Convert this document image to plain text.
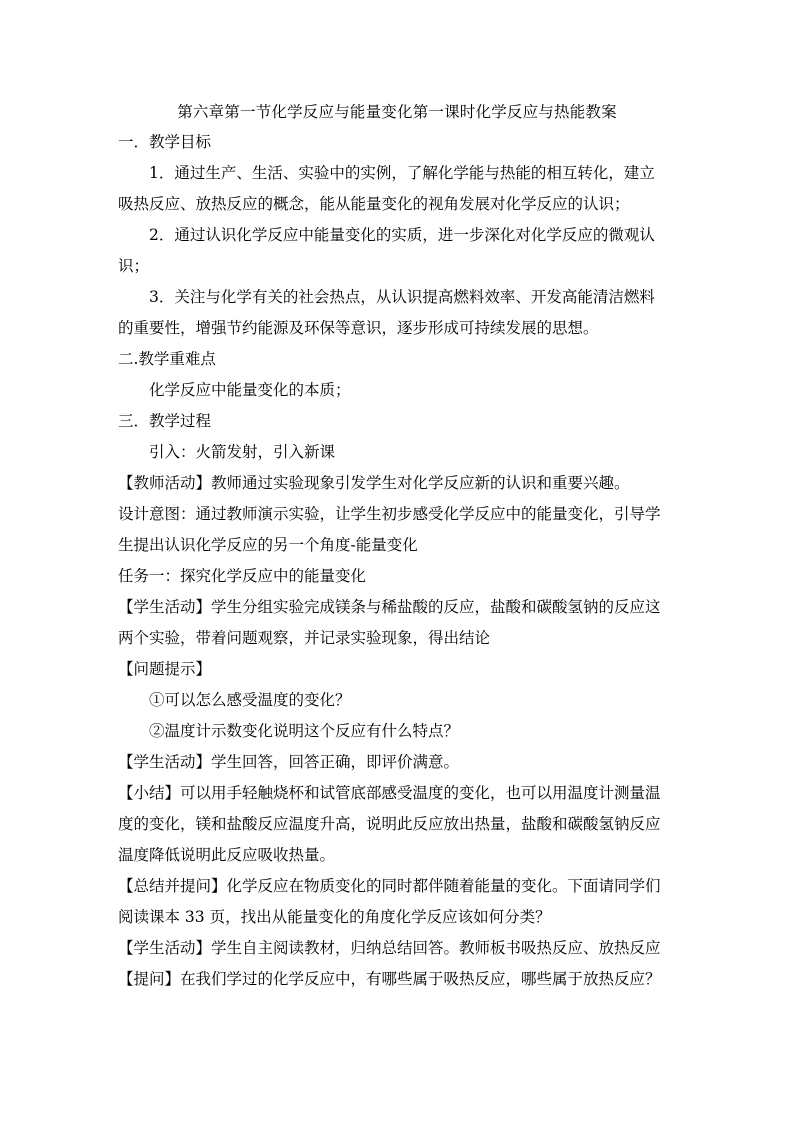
第六章第一节化学反应与能量变化第一课时化学反应与热能教案
一．教学目标
1．通过生产、生活、实验中的实例，了解化学能与热能的相互转化，建立
吸热反应、放热反应的概念，能从能量变化的视角发展对化学反应的认识；
2．通过认识化学反应中能量变化的实质，进一步深化对化学反应的微观认
识；
3．关注与化学有关的社会热点，从认识提高燃料效率、开发高能清洁燃料
的重要性，增强节约能源及环保等意识，逐步形成可持续发展的思想。
二.教学重难点
化学反应中能量变化的本质；
三．教学过程
引入：火箭发射，引入新课
【教师活动】教师通过实验现象引发学生对化学反应新的认识和重要兴趣。
设计意图：通过教师演示实验，让学生初步感受化学反应中的能量变化，引导学
生提出认识化学反应的另一个角度-能量变化
任务一：探究化学反应中的能量变化
【学生活动】学生分组实验完成镁条与稀盐酸的反应，盐酸和碳酸氢钠的反应这
两个实验，带着问题观察，并记录实验现象，得出结论
【问题提示】
①可以怎么感受温度的变化？
②温度计示数变化说明这个反应有什么特点？
【学生活动】学生回答，回答正确，即评价满意。
【小结】可以用手轻触烧杯和试管底部感受温度的变化，也可以用温度计测量温
度的变化，镁和盐酸反应温度升高，说明此反应放出热量，盐酸和碳酸氢钠反应
温度降低说明此反应吸收热量。
【总结并提问】化学反应在物质变化的同时都伴随着能量的变化。下面请同学们
阅读课本 33 页，找出从能量变化的角度化学反应该如何分类？
【学生活动】学生自主阅读教材，归纳总结回答。教师板书吸热反应、放热反应
【提问】在我们学过的化学反应中，有哪些属于吸热反应，哪些属于放热反应？
